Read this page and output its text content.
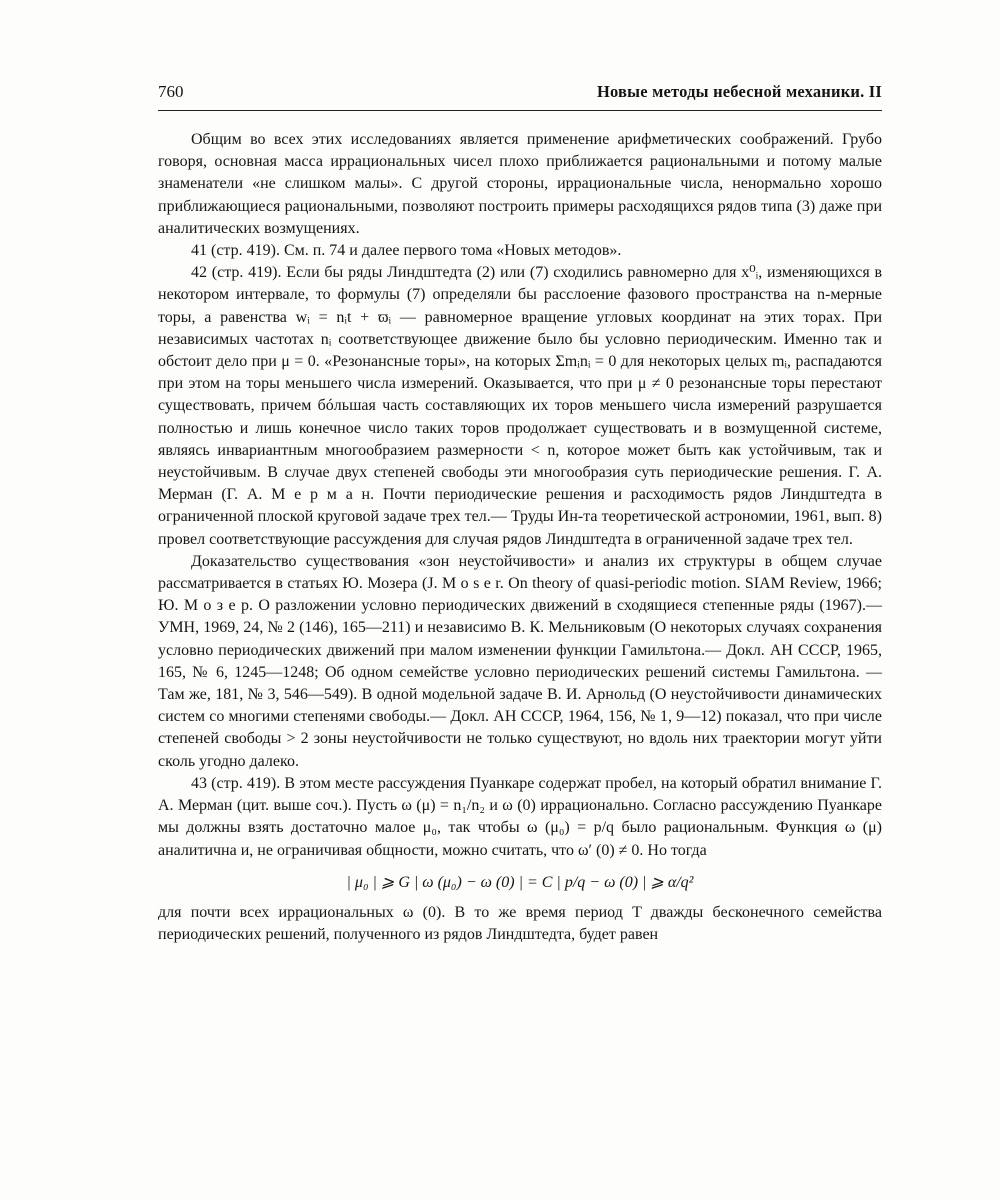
760	Новые методы небесной механики. II

Общим во всех этих исследованиях является применение арифметических соображений. Грубо говоря, основная масса иррациональных чисел плохо приближается рациональными и потому малые знаменатели «не слишком малы». С другой стороны, иррациональные числа, ненормально хорошо приближающиеся рациональными, позволяют построить примеры расходящихся рядов типа (3) даже при аналитических возмущениях.

41 (стр. 419). См. п. 74 и далее первого тома «Новых методов».

42 (стр. 419). Если бы ряды Линдштедта (2) или (7) сходились равномерно для x⁰ᵢ, изменяющихся в некотором интервале, то формулы (7) определяли бы расслоение фазового пространства на n-мерные торы, а равенства wᵢ = nᵢt + ϖᵢ — равномерное вращение угловых координат на этих торах. При независимых частотах nᵢ соответствующее движение было бы условно периодическим. Именно так и обстоит дело при μ = 0. «Резонансные торы», на которых Σmᵢnᵢ = 0 для некоторых целых mᵢ, распадаются при этом на торы меньшего числа измерений. Оказывается, что при μ ≠ 0 резонансные торы перестают существовать, причем бóльшая часть составляющих их торов меньшего числа измерений разрушается полностью и лишь конечное число таких торов продолжает существовать и в возмущенной системе, являясь инвариантным многообразием размерности < n, которое может быть как устойчивым, так и неустойчивым. В случае двух степеней свободы эти многообразия суть периодические решения. Г. А. Мерман (Г. А. М е р м а н. Почти периодические решения и расходимость рядов Линдштедта в ограниченной плоской круговой задаче трех тел.— Труды Ин-та теоретической астрономии, 1961, вып. 8) провел соответствующие рассуждения для случая рядов Линдштедта в ограниченной задаче трех тел.

Доказательство существования «зон неустойчивости» и анализ их структуры в общем случае рассматривается в статьях Ю. Мозера (J. M o s e r. On theory of quasi-periodic motion. SIAM Review, 1966; Ю. М о з е р. О разложении условно периодических движений в сходящиеся степенные ряды (1967).— УМН, 1969, 24, № 2 (146), 165—211) и независимо В. К. Мельниковым (О некоторых случаях сохранения условно периодических движений при малом изменении функции Гамильтона.— Докл. АН СССР, 1965, 165, № 6, 1245—1248; Об одном семействе условно периодических решений системы Гамильтона. — Там же, 181, № 3, 546—549). В одной модельной задаче В. И. Арнольд (О неустойчивости динамических систем со многими степенями свободы.— Докл. АН СССР, 1964, 156, № 1, 9—12) показал, что при числе степеней свободы > 2 зоны неустойчивости не только существуют, но вдоль них траектории могут уйти сколь угодно далеко.

43 (стр. 419). В этом месте рассуждения Пуанкаре содержат пробел, на который обратил внимание Г. А. Мерман (цит. выше соч.). Пусть ω (μ) = n₁/n₂ и ω (0) иррационально. Согласно рассуждению Пуанкаре мы должны взять достаточно малое μ₀, так чтобы ω (μ₀) = p/q было рациональным. Функция ω (μ) аналитична и, не ограничивая общности, можно считать, что ω′ (0) ≠ 0. Но тогда

| μ₀ | ⩾ G | ω (μ₀) − ω (0) | = C | p/q − ω (0) | ⩾ α/q²

для почти всех иррациональных ω (0). В то же время период T дважды бесконечного семейства периодических решений, полученного из рядов Линдштедта, будет равен
